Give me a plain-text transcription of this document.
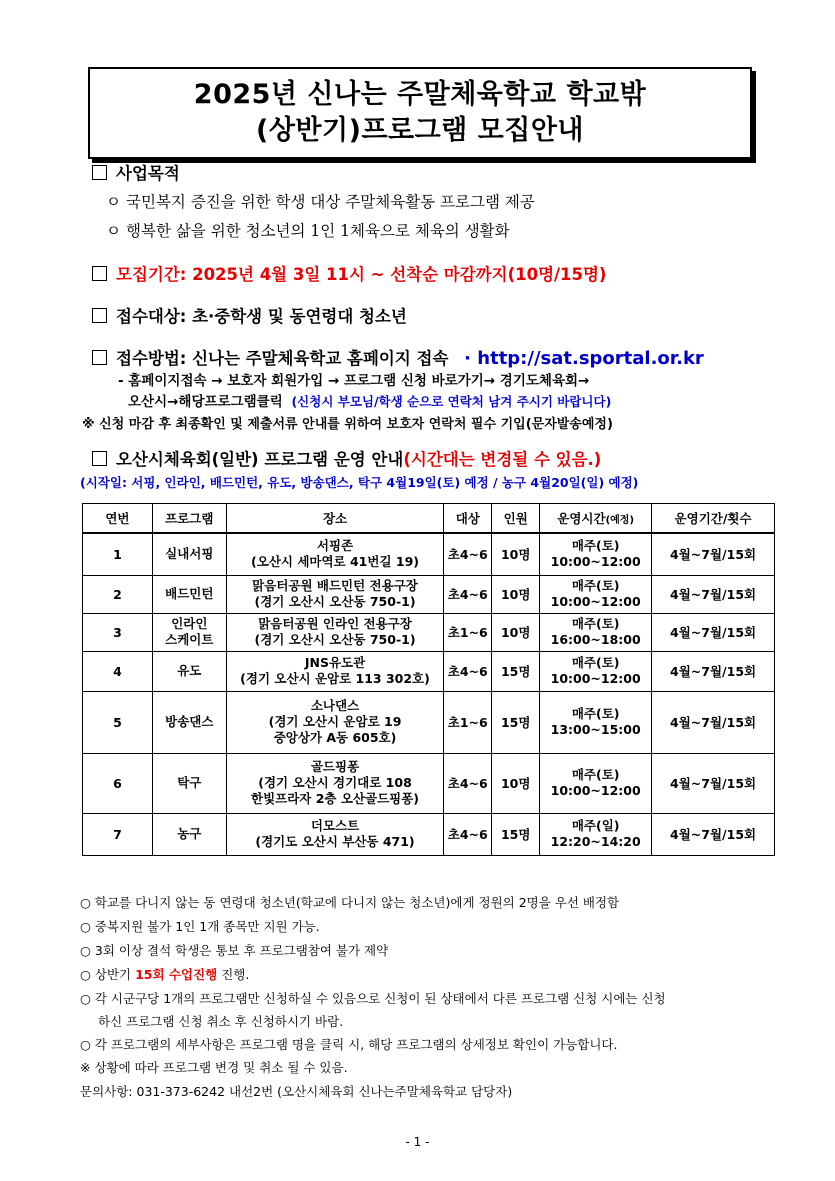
2025년 신나는 주말체육학교 학교밖
(상반기)프로그램 모집안내
사업목적
ㅇ 국민복지 증진을 위한 학생 대상 주말체육활동 프로그램 제공
ㅇ 행복한 삶을 위한 청소년의 1인 1체육으로 체육의 생활화
모집기간: 2025년 4월 3일 11시 ~ 선착순 마감까지(10명/15명)
접수대상: 초·중학생 및 동연령대 청소년
접수방법: 신나는 주말체육학교 홈페이지 접속 · http://sat.sportal.or.kr
- 홈페이지접속 → 보호자 회원가입 → 프로그램 신청 바로가기→ 경기도체육회→
오산시→해당프로그램클릭 (신청시 부모님/학생 순으로 연락처 남겨 주시기 바랍니다)
※ 신청 마감 후 최종확인 및 제출서류 안내를 위하여 보호자 연락처 필수 기입(문자발송예정)
오산시체육회(일반) 프로그램 운영 안내(시간대는 변경될 수 있음.)
(시작일: 서핑, 인라인, 배드민턴, 유도, 방송댄스, 탁구 4월19일(토) 예정 / 농구 4월20일(일) 예정)
연번	프로그램	장소	대상	인원	운영시간(예정)	운영기간/횟수
1	실내서핑	서핑존
(오산시 세마역로 41번길 19)	초4~6	10명	매주(토)
10:00~12:00	4월~7월/15회
2	배드민턴	맑음터공원 배드민턴 전용구장
(경기 오산시 오산동 750-1)	초4~6	10명	매주(토)
10:00~12:00	4월~7월/15회
3	인라인
스케이트	맑음터공원 인라인 전용구장
(경기 오산시 오산동 750-1)	초1~6	10명	매주(토)
16:00~18:00	4월~7월/15회
4	유도	JNS유도관
(경기 오산시 운암로 113 302호)	초4~6	15명	매주(토)
10:00~12:00	4월~7월/15회
5	방송댄스	소나댄스
(경기 오산시 운암로 19
중앙상가 A동 605호)	초1~6	15명	매주(토)
13:00~15:00	4월~7월/15회
6	탁구	골드핑퐁
(경기 오산시 경기대로 108
한빛프라자 2층 오산골드핑퐁)	초4~6	10명	매주(토)
10:00~12:00	4월~7월/15회
7	농구	더모스트
(경기도 오산시 부산동 471)	초4~6	15명	매주(일)
12:20~14:20	4월~7월/15회
○ 학교를 다니지 않는 동 연령대 청소년(학교에 다니지 않는 청소년)에게 정원의 2명을 우선 배정함
○ 중복지원 불가 1인 1개 종목만 지원 가능.
○ 3회 이상 결석 학생은 통보 후 프로그램참여 불가 제약
○ 상반기 15회 수업진행 진행.
○ 각 시군구당 1개의 프로그램만 신청하실 수 있음으로 신청이 된 상태에서 다른 프로그램 신청 시에는 신청
하신 프로그램 신청 취소 후 신청하시기 바람.
○ 각 프로그램의 세부사항은 프로그램 명을 클릭 시, 해당 프로그램의 상세정보 확인이 가능합니다.
※ 상황에 따라 프로그램 변경 및 취소 될 수 있음.
문의사항: 031-373-6242 내선2번 (오산시체육회 신나는주말체육학교 담당자)
- 1 -
